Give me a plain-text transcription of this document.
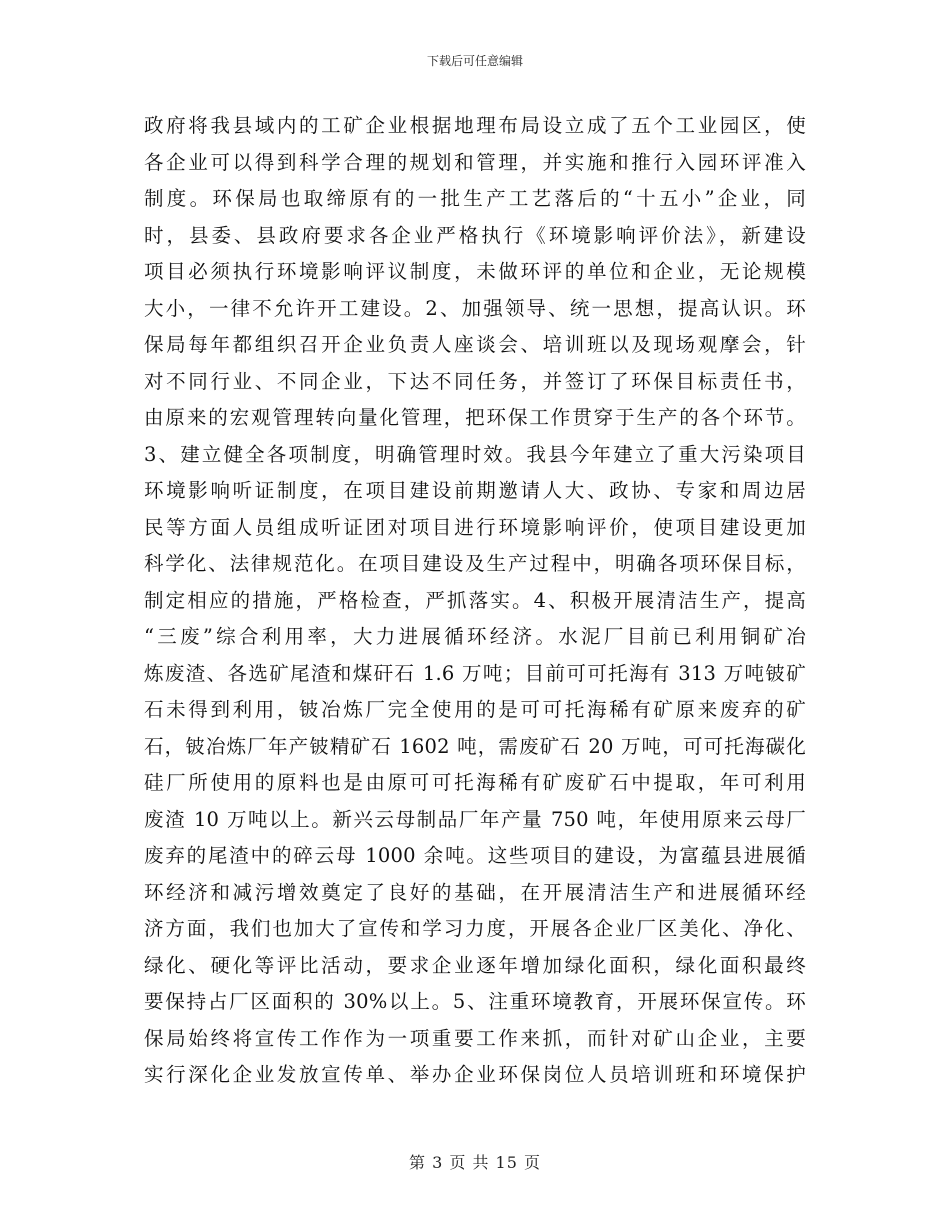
下载后可任意编辑
政府将我县域内的工矿企业根据地理布局设立成了五个工业园区，使
各企业可以得到科学合理的规划和管理，并实施和推行入园环评准入
制度。环保局也取缔原有的一批生产工艺落后的“十五小”企业，同
时，县委、县政府要求各企业严格执行《环境影响评价法》，新建设
项目必须执行环境影响评议制度，未做环评的单位和企业，无论规模
大小，一律不允许开工建设。2、加强领导、统一思想，提高认识。环
保局每年都组织召开企业负责人座谈会、培训班以及现场观摩会，针
对不同行业、不同企业，下达不同任务，并签订了环保目标责任书，
由原来的宏观管理转向量化管理，把环保工作贯穿于生产的各个环节。
3、建立健全各项制度，明确管理时效。我县今年建立了重大污染项目
环境影响听证制度，在项目建设前期邀请人大、政协、专家和周边居
民等方面人员组成听证团对项目进行环境影响评价，使项目建设更加
科学化、法律规范化。在项目建设及生产过程中，明确各项环保目标，
制定相应的措施，严格检查，严抓落实。4、积极开展清洁生产，提高
“三废”综合利用率，大力进展循环经济。水泥厂目前已利用铜矿冶
炼废渣、各选矿尾渣和煤矸石 1.6 万吨；目前可可托海有 313 万吨铍矿
石未得到利用，铍冶炼厂完全使用的是可可托海稀有矿原来废弃的矿
石，铍冶炼厂年产铍精矿石 1602 吨，需废矿石 20 万吨，可可托海碳化
硅厂所使用的原料也是由原可可托海稀有矿废矿石中提取，年可利用
废渣 10 万吨以上。新兴云母制品厂年产量 750 吨，年使用原来云母厂
废弃的尾渣中的碎云母 1000 余吨。这些项目的建设，为富蕴县进展循
环经济和减污增效奠定了良好的基础，在开展清洁生产和进展循环经
济方面，我们也加大了宣传和学习力度，开展各企业厂区美化、净化、
绿化、硬化等评比活动，要求企业逐年增加绿化面积，绿化面积最终
要保持占厂区面积的 30%以上。5、注重环境教育，开展环保宣传。环
保局始终将宣传工作作为一项重要工作来抓，而针对矿山企业，主要
实行深化企业发放宣传单、举办企业环保岗位人员培训班和环境保护
第 3 页 共 15 页
